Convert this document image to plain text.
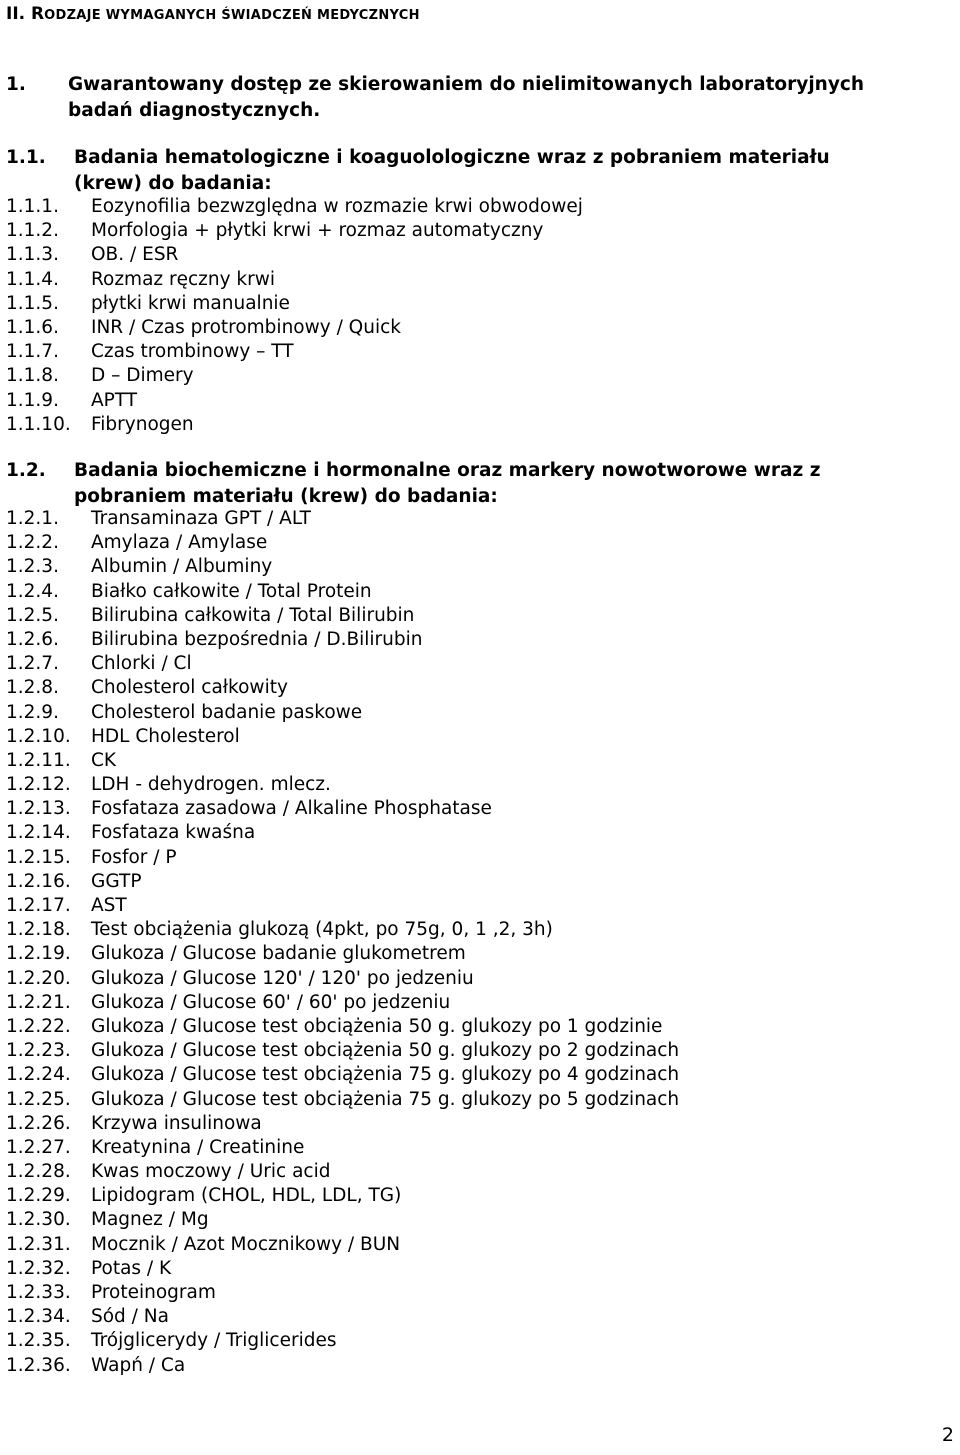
II. RODZAJE WYMAGANYCH ŚWIADCZEŃ MEDYCZNYCH
1. Gwarantowany dostęp ze skierowaniem do nielimitowanych laboratoryjnych
badań diagnostycznych.
1.1. Badania hematologiczne i koaguolologiczne wraz z pobraniem materiału
(krew) do badania:
1.1.1. Eozynofilia bezwzględna w rozmazie krwi obwodowej
1.1.2. Morfologia + płytki krwi + rozmaz automatyczny
1.1.3. OB. / ESR
1.1.4. Rozmaz ręczny krwi
1.1.5. płytki krwi manualnie
1.1.6. INR / Czas protrombinowy / Quick
1.1.7. Czas trombinowy – TT
1.1.8. D – Dimery
1.1.9. APTT
1.1.10. Fibrynogen
1.2. Badania biochemiczne i hormonalne oraz markery nowotworowe wraz z
pobraniem materiału (krew) do badania:
1.2.1. Transaminaza GPT / ALT
1.2.2. Amylaza / Amylase
1.2.3. Albumin / Albuminy
1.2.4. Białko całkowite / Total Protein
1.2.5. Bilirubina całkowita / Total Bilirubin
1.2.6. Bilirubina bezpośrednia / D.Bilirubin
1.2.7. Chlorki / Cl
1.2.8. Cholesterol całkowity
1.2.9. Cholesterol badanie paskowe
1.2.10. HDL Cholesterol
1.2.11. CK
1.2.12. LDH - dehydrogen. mlecz.
1.2.13. Fosfataza zasadowa / Alkaline Phosphatase
1.2.14. Fosfataza kwaśna
1.2.15. Fosfor / P
1.2.16. GGTP
1.2.17. AST
1.2.18. Test obciążenia glukozą (4pkt, po 75g, 0, 1 ,2, 3h)
1.2.19. Glukoza / Glucose badanie glukometrem
1.2.20. Glukoza / Glucose 120' / 120' po jedzeniu
1.2.21. Glukoza / Glucose 60' / 60' po jedzeniu
1.2.22. Glukoza / Glucose test obciążenia 50 g. glukozy po 1 godzinie
1.2.23. Glukoza / Glucose test obciążenia 50 g. glukozy po 2 godzinach
1.2.24. Glukoza / Glucose test obciążenia 75 g. glukozy po 4 godzinach
1.2.25. Glukoza / Glucose test obciążenia 75 g. glukozy po 5 godzinach
1.2.26. Krzywa insulinowa
1.2.27. Kreatynina / Creatinine
1.2.28. Kwas moczowy / Uric acid
1.2.29. Lipidogram (CHOL, HDL, LDL, TG)
1.2.30. Magnez / Mg
1.2.31. Mocznik / Azot Mocznikowy / BUN
1.2.32. Potas / K
1.2.33. Proteinogram
1.2.34. Sód / Na
1.2.35. Trójglicerydy / Triglicerides
1.2.36. Wapń / Ca
2
